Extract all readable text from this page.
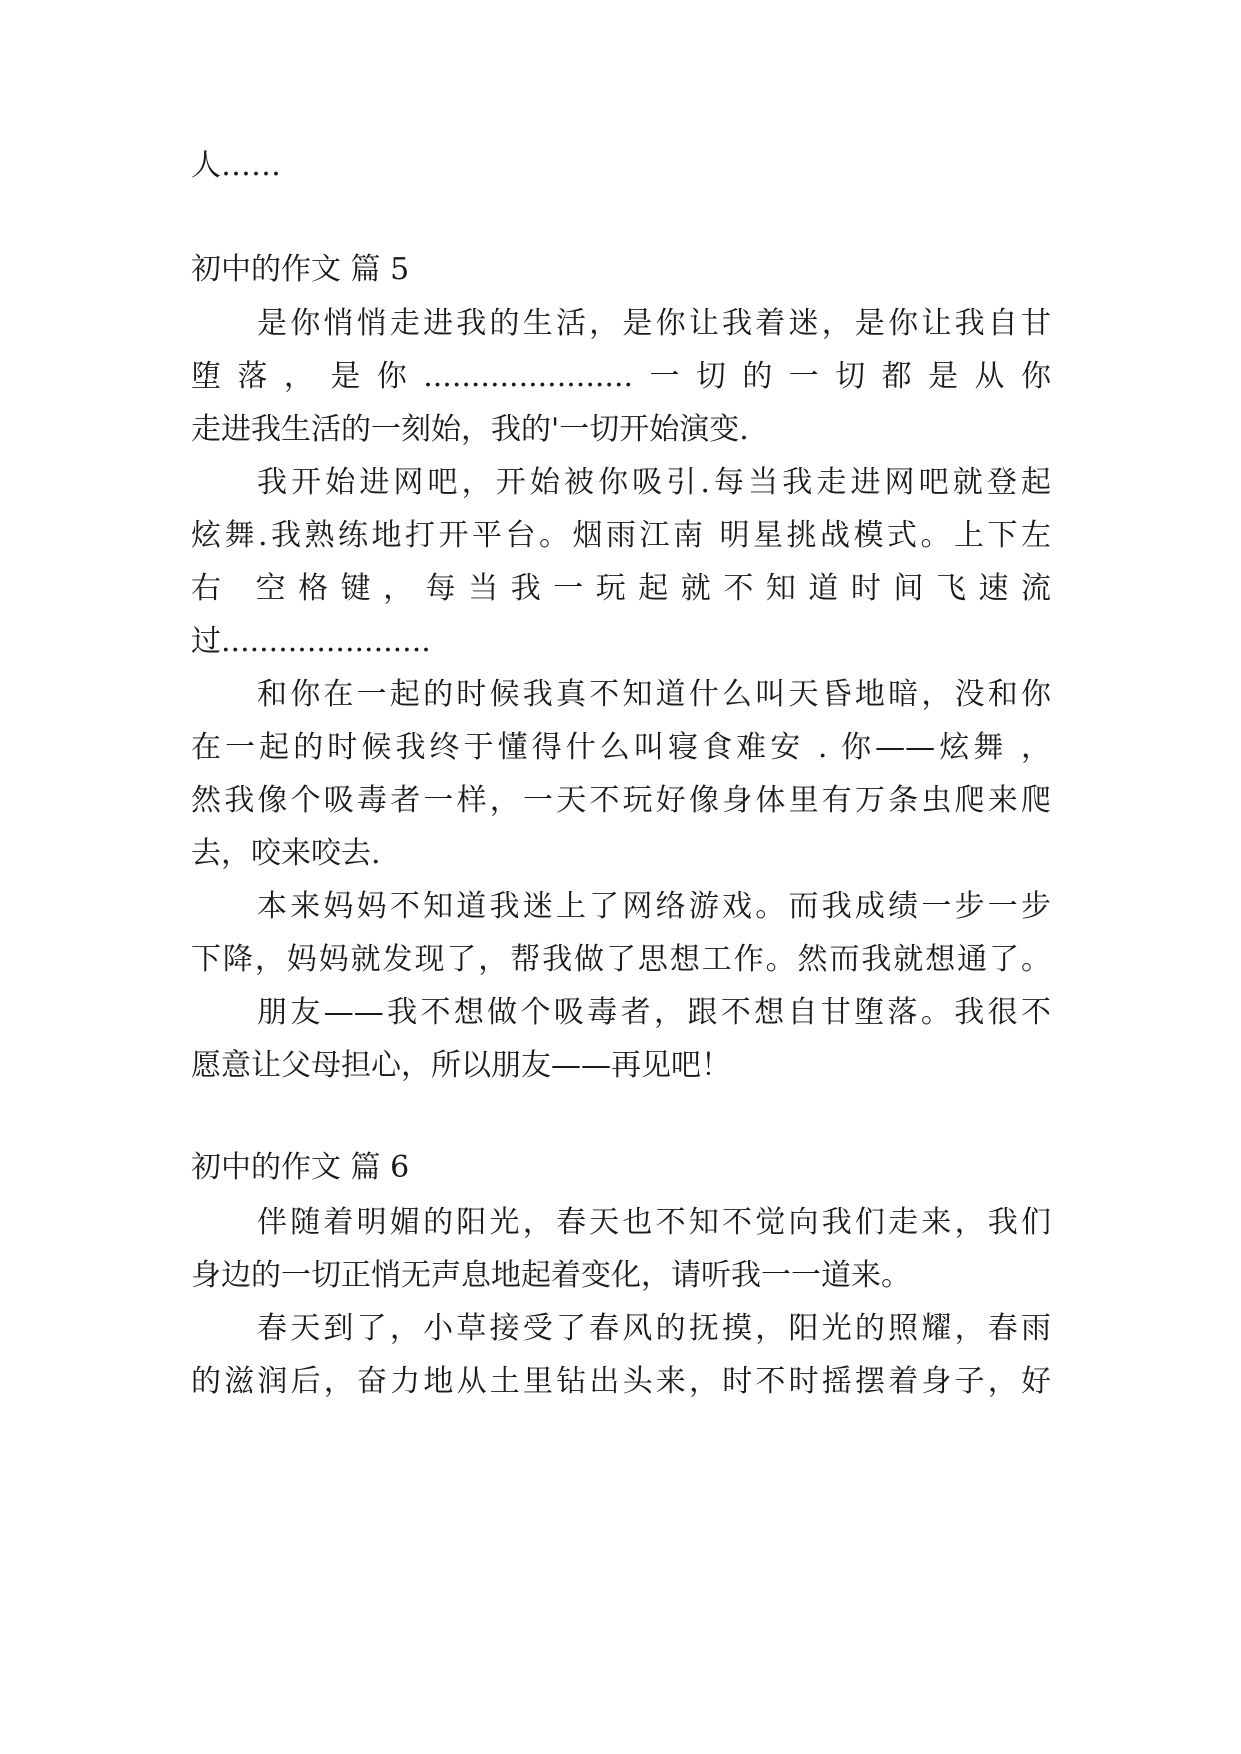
人……
初中的作文 篇 5
是你悄悄走进我的生活，是你让我着迷，是你让我自甘
堕落，是你......................一切的一切都是从你
走进我生活的一刻始，我的'一切开始演变.
我开始进网吧，开始被你吸引.每当我走进网吧就登起
炫舞.我熟练地打开平台。烟雨江南 明星挑战模式。上下左
右 空格键，每当我一玩起就不知道时间飞速流
过......................
和你在一起的时候我真不知道什么叫天昏地暗，没和你
在一起的时候我终于懂得什么叫寝食难安 . 你——炫舞 ，
然我像个吸毒者一样，一天不玩好像身体里有万条虫爬来爬
去，咬来咬去.
本来妈妈不知道我迷上了网络游戏。而我成绩一步一步
下降，妈妈就发现了，帮我做了思想工作。然而我就想通了。
朋友——我不想做个吸毒者，跟不想自甘堕落。我很不
愿意让父母担心，所以朋友——再见吧！
初中的作文 篇 6
伴随着明媚的阳光，春天也不知不觉向我们走来，我们
身边的一切正悄无声息地起着变化，请听我一一道来。
春天到了，小草接受了春风的抚摸，阳光的照耀，春雨
的滋润后，奋力地从土里钻出头来，时不时摇摆着身子，好
